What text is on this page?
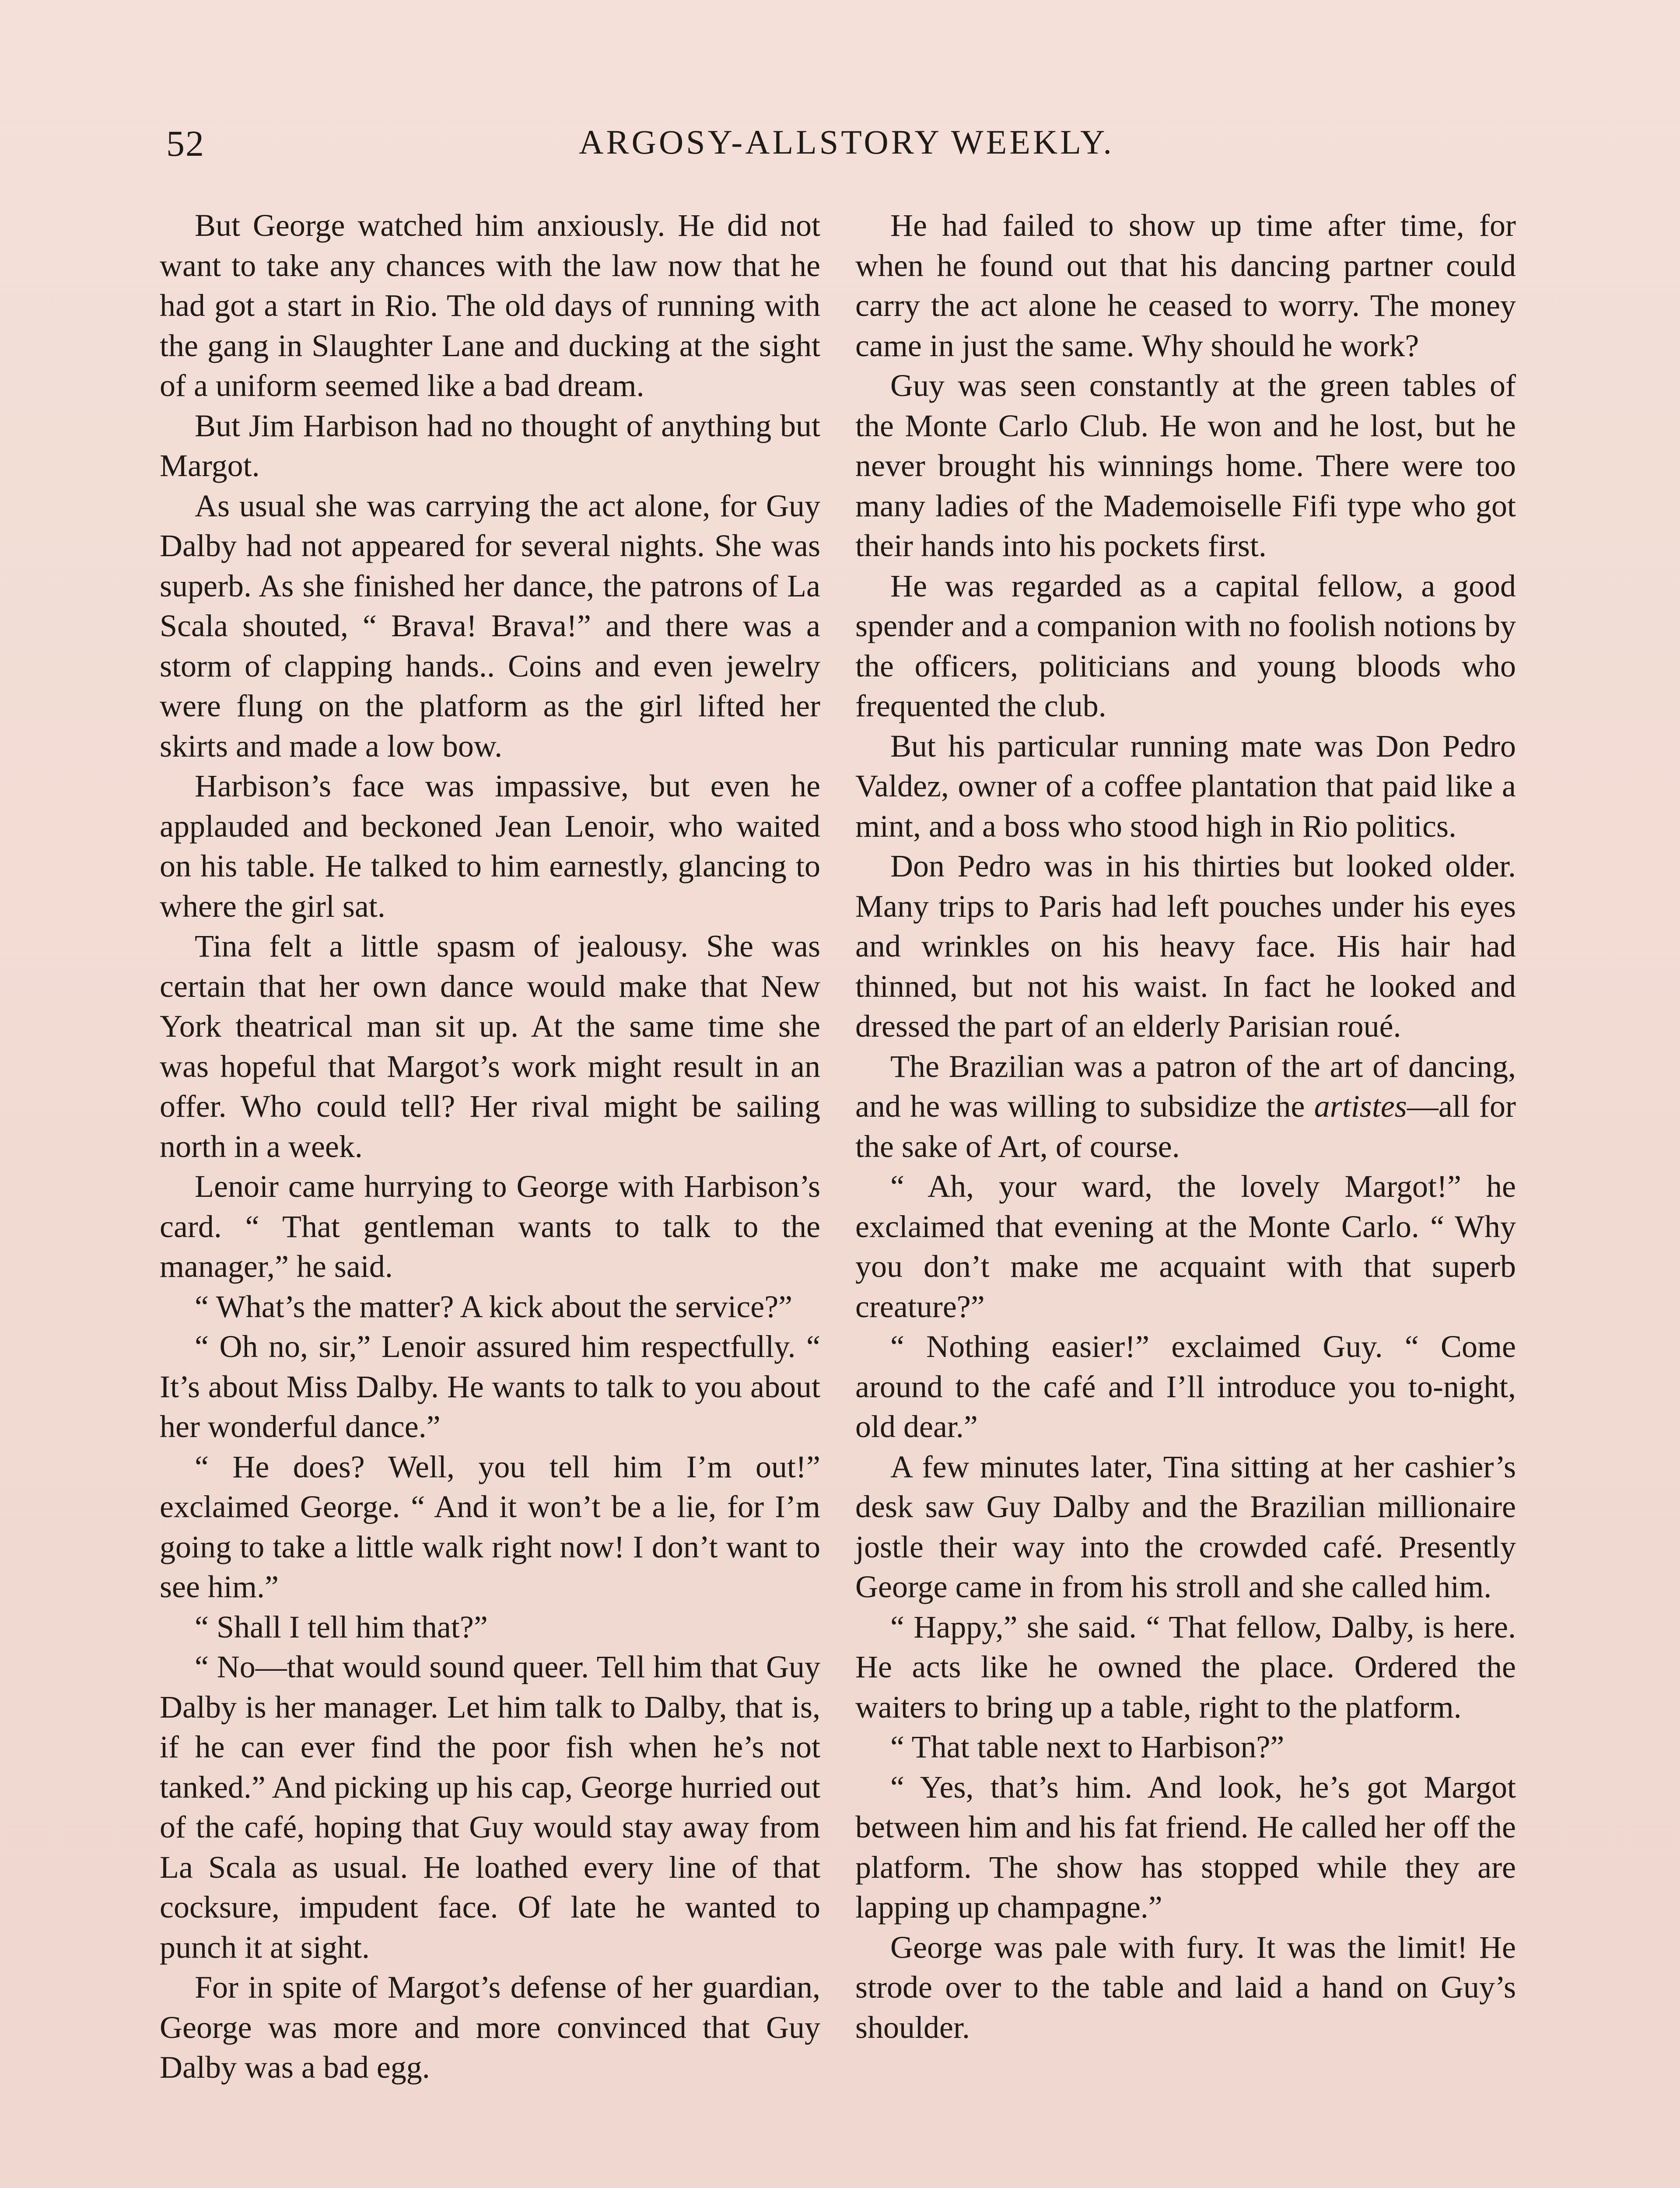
52	ARGOSY-ALLSTORY WEEKLY.

But George watched him anxiously. He did not want to take any chances with the law now that he had got a start in Rio. The old days of running with the gang in Slaughter Lane and ducking at the sight of a uniform seemed like a bad dream.

But Jim Harbison had no thought of anything but Margot.

As usual she was carrying the act alone, for Guy Dalby had not appeared for several nights. She was superb. As she finished her dance, the patrons of La Scala shouted, “ Brava! Brava!” and there was a storm of clapping hands.. Coins and even jewelry were flung on the platform as the girl lifted her skirts and made a low bow.

Harbison’s face was impassive, but even he applauded and beckoned Jean Lenoir, who waited on his table. He talked to him earnestly, glancing to where the girl sat.

Tina felt a little spasm of jealousy. She was certain that her own dance would make that New York theatrical man sit up. At the same time she was hopeful that Margot’s work might result in an offer. Who could tell? Her rival might be sailing north in a week.

Lenoir came hurrying to George with Harbison’s card. “ That gentleman wants to talk to the manager,” he said.

“ What’s the matter? A kick about the service?”

“ Oh no, sir,” Lenoir assured him respectfully. “ It’s about Miss Dalby. He wants to talk to you about her wonderful dance.”

“ He does? Well, you tell him I’m out!” exclaimed George. “ And it won’t be a lie, for I’m going to take a little walk right now! I don’t want to see him.”

“ Shall I tell him that?”

“ No—that would sound queer. Tell him that Guy Dalby is her manager. Let him talk to Dalby, that is, if he can ever find the poor fish when he’s not tanked.” And picking up his cap, George hurried out of the café, hoping that Guy would stay away from La Scala as usual. He loathed every line of that cocksure, impudent face. Of late he wanted to punch it at sight.

For in spite of Margot’s defense of her guardian, George was more and more convinced that Guy Dalby was a bad egg.

He had failed to show up time after time, for when he found out that his dancing partner could carry the act alone he ceased to worry. The money came in just the same. Why should he work?

Guy was seen constantly at the green tables of the Monte Carlo Club. He won and he lost, but he never brought his winnings home. There were too many ladies of the Mademoiselle Fifi type who got their hands into his pockets first.

He was regarded as a capital fellow, a good spender and a companion with no foolish notions by the officers, politicians and young bloods who frequented the club.

But his particular running mate was Don Pedro Valdez, owner of a coffee plantation that paid like a mint, and a boss who stood high in Rio politics.

Don Pedro was in his thirties but looked older. Many trips to Paris had left pouches under his eyes and wrinkles on his heavy face. His hair had thinned, but not his waist. In fact he looked and dressed the part of an elderly Parisian roué.

The Brazilian was a patron of the art of dancing, and he was willing to subsidize the artistes—all for the sake of Art, of course.

“ Ah, your ward, the lovely Margot!” he exclaimed that evening at the Monte Carlo. “ Why you don’t make me acquaint with that superb creature?”

“ Nothing easier!” exclaimed Guy. “ Come around to the café and I’ll introduce you to-night, old dear.”

A few minutes later, Tina sitting at her cashier’s desk saw Guy Dalby and the Brazilian millionaire jostle their way into the crowded café. Presently George came in from his stroll and she called him.

“ Happy,” she said. “ That fellow, Dalby, is here. He acts like he owned the place. Ordered the waiters to bring up a table, right to the platform.

“ That table next to Harbison?”

“ Yes, that’s him. And look, he’s got Margot between him and his fat friend. He called her off the platform. The show has stopped while they are lapping up champagne.”

George was pale with fury. It was the limit! He strode over to the table and laid a hand on Guy’s shoulder.
